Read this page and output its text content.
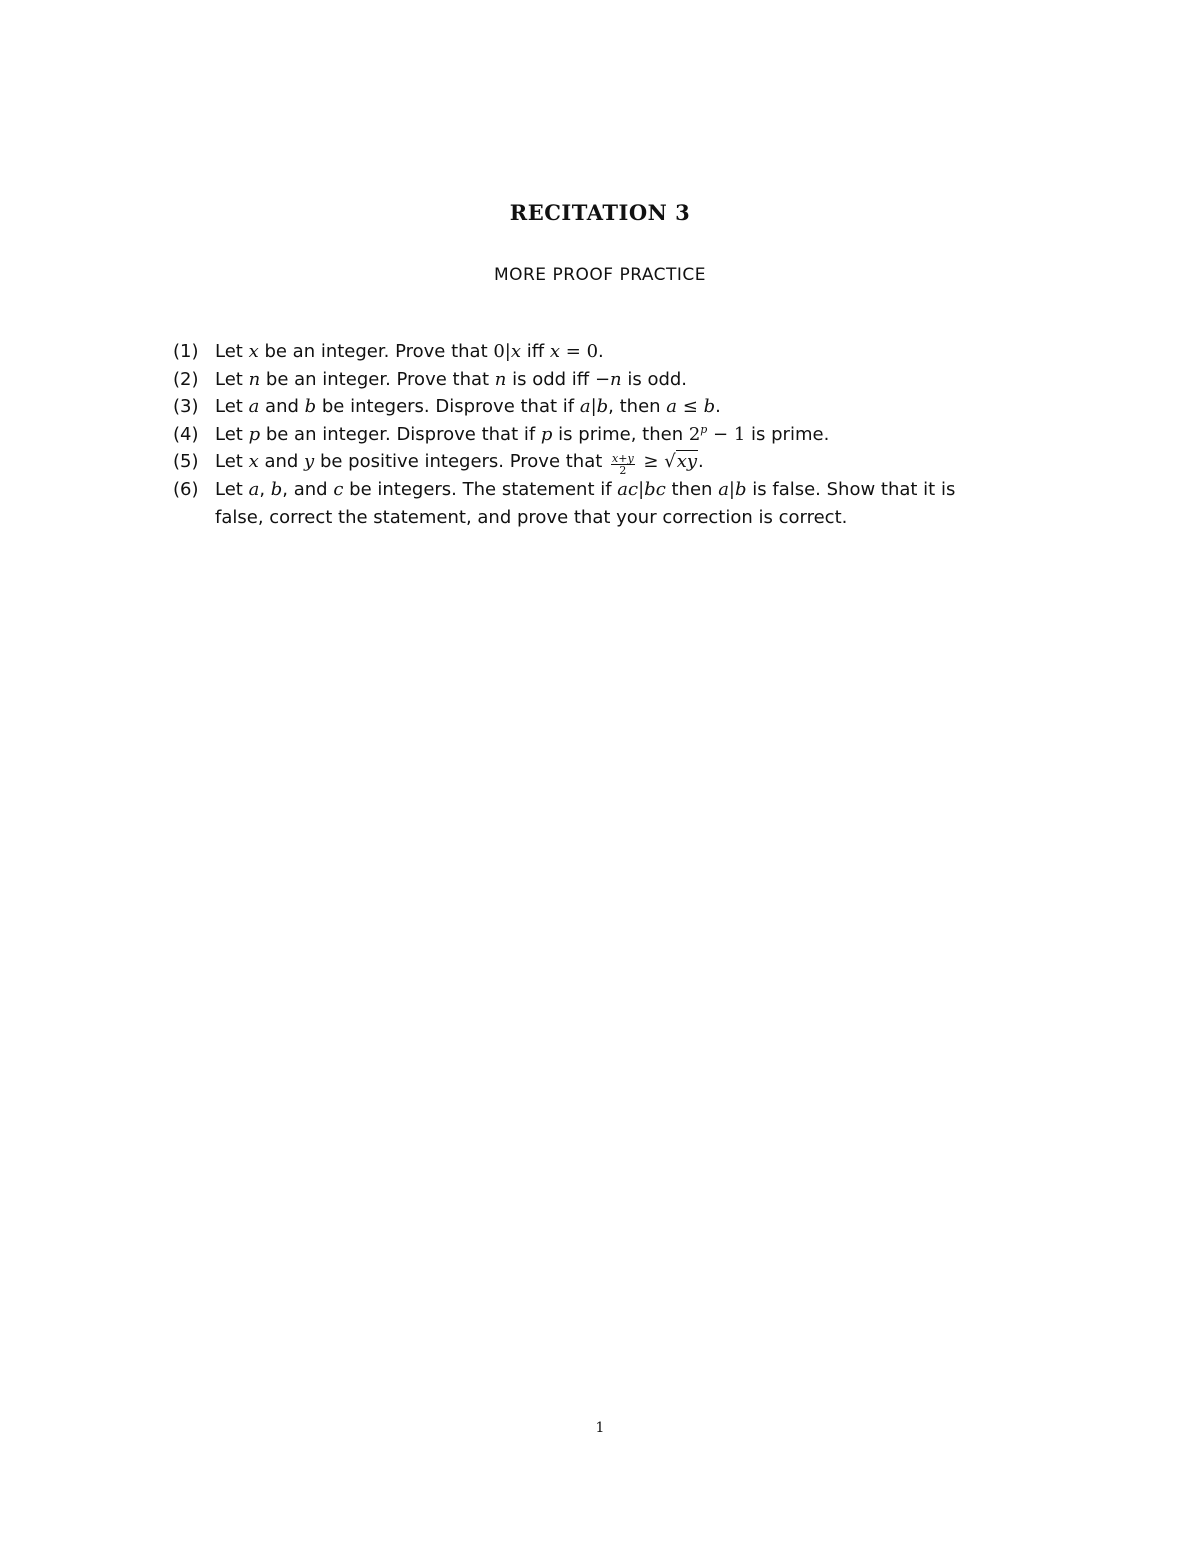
RECITATION 3
MORE PROOF PRACTICE
(1) Let x be an integer. Prove that 0|x iff x = 0.
(2) Let n be an integer. Prove that n is odd iff −n is odd.
(3) Let a and b be integers. Disprove that if a|b, then a ≤ b.
(4) Let p be an integer. Disprove that if p is prime, then $2^p - 1$ is prime.
(5) Let x and y be positive integers. Prove that $\frac{x+y}{2} \ge √xy$.
(6) Let a, b, and c be integers. The statement if ac|bc then a|b is false. Show that it is
false, correct the statement, and prove that your correction is correct.
1
